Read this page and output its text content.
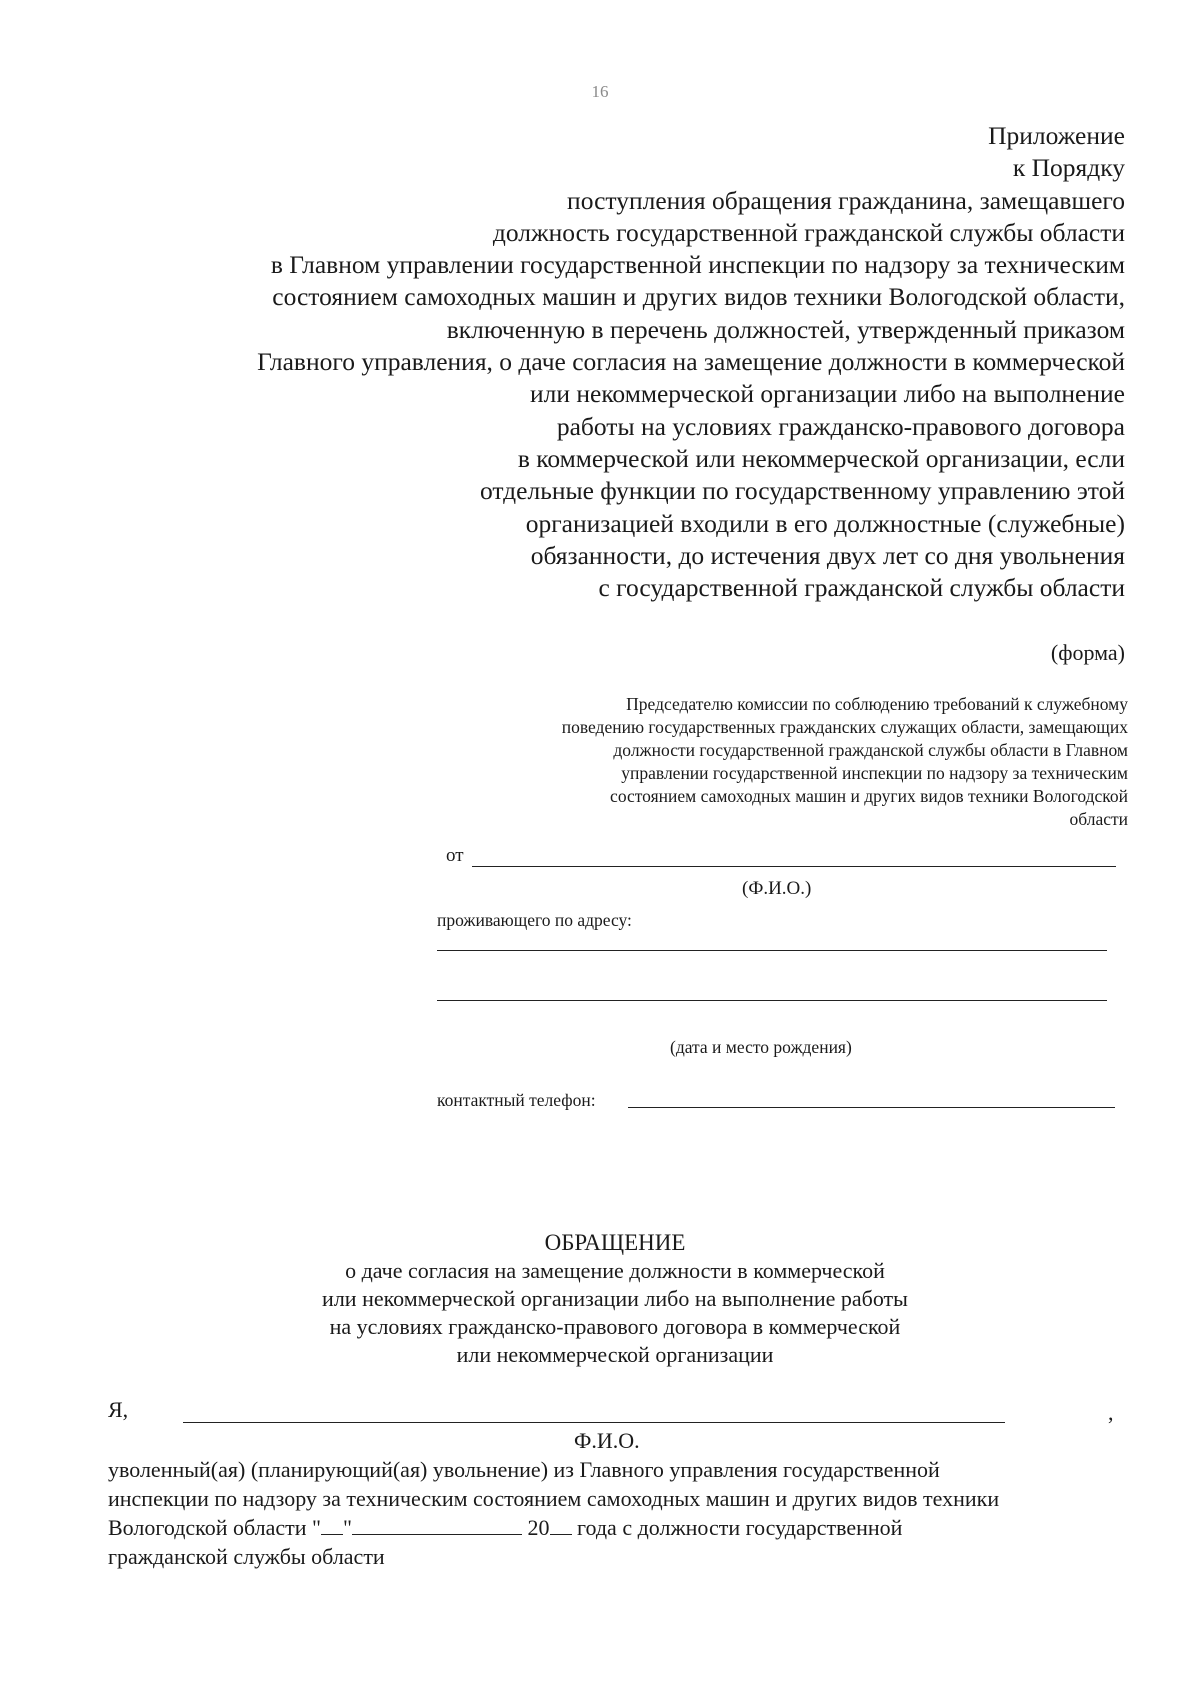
16
Приложение
к Порядку
поступления обращения гражданина, замещавшего
должность государственной гражданской службы области
в Главном управлении государственной инспекции по надзору за техническим
состоянием самоходных машин и других видов техники Вологодской области,
включенную в перечень должностей, утвержденный приказом
Главного управления, о даче согласия на замещение должности в коммерческой
или некоммерческой организации либо на выполнение
работы на условиях гражданско-правового договора
в коммерческой или некоммерческой организации, если
отдельные функции по государственному управлению этой
организацией входили в его должностные (служебные)
обязанности, до истечения двух лет со дня увольнения
с государственной гражданской службы области
(форма)
Председателю комиссии по соблюдению требований к служебному
поведению государственных гражданских служащих области, замещающих
должности государственной гражданской службы области в Главном
управлении государственной инспекции по надзору за техническим
состоянием самоходных машин и других видов техники Вологодской
области
от
(Ф.И.О.)
проживающего по адресу:
(дата и место рождения)
контактный телефон:
ОБРАЩЕНИЕ
о даче согласия на замещение должности в коммерческой
или некоммерческой организации либо на выполнение работы
на условиях гражданско-правового договора в коммерческой
или некоммерческой организации
Я,	,
Ф.И.О.
уволенный(ая) (планирующий(ая) увольнение) из Главного управления государственной
инспекции по надзору за техническим состоянием самоходных машин и других видов техники
Вологодской области " "	20 года с должности государственной
гражданской службы области
